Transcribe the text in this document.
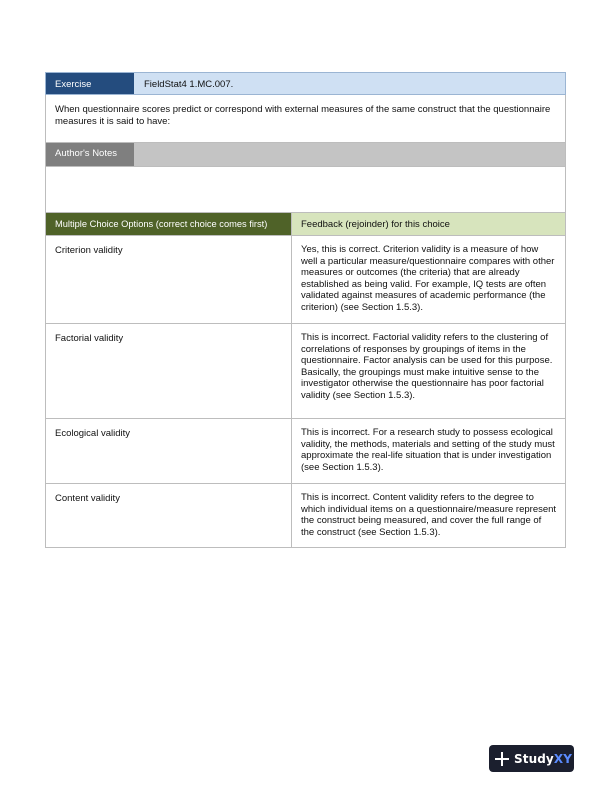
Exercise	FieldStat4 1.MC.007.
When questionnaire scores predict or correspond with external measures of the same construct that the questionnaire measures it is said to have:
Author's Notes
Multiple Choice Options (correct choice comes first)	Feedback (rejoinder) for this choice
Criterion validity	Yes, this is correct. Criterion validity is a measure of how well a particular measure/questionnaire compares with other measures or outcomes (the criteria) that are already established as being valid. For example, IQ tests are often validated against measures of academic performance (the criterion) (see Section 1.5.3).
Factorial validity	This is incorrect. Factorial validity refers to the clustering of correlations of responses by groupings of items in the questionnaire. Factor analysis can be used for this purpose. Basically, the groupings must make intuitive sense to the investigator otherwise the questionnaire has poor factorial validity (see Section 1.5.3).
Ecological validity	This is incorrect. For a research study to possess ecological validity, the methods, materials and setting of the study must approximate the real-life situation that is under investigation (see Section 1.5.3).
Content validity	This is incorrect. Content validity refers to the degree to which individual items on a questionnaire/measure represent the construct being measured, and cover the full range of the construct (see Section 1.5.3).
StudyXY
